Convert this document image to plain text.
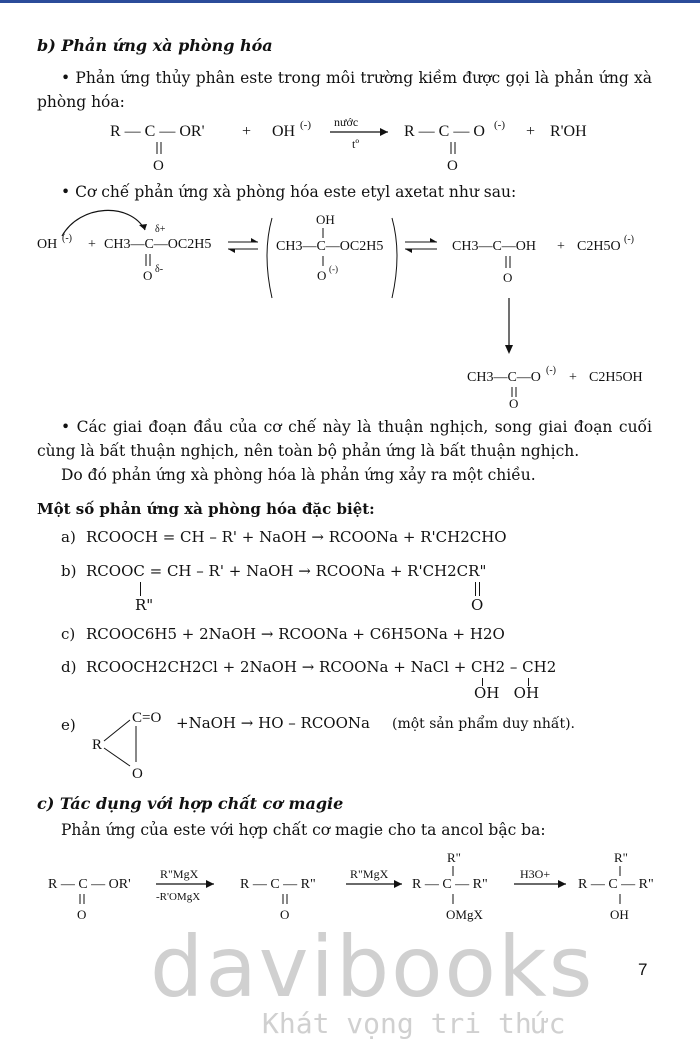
b) Phản ứng xà phòng hóa
• Phản ứng thủy phân este trong môi trường kiềm được gọi là phản ứng xà phòng hóa:
R — C — OR'
O
+ OH (-) nước
tº
R — C — O (-)
O
+ R'OH
• Cơ chế phản ứng xà phòng hóa este etyl axetat như sau:
OH (-) + CH3—C—OC2H5
δ+
O δ-
OH
CH3—C—OC2H5
O (-)
CH3—C—OH
O
+ C2H5O (-)
CH3—C—O (-)
O
+ C2H5OH
• Các giai đoạn đầu của cơ chế này là thuận nghịch, song giai đoạn cuối cùng là bất thuận nghịch, nên toàn bộ phản ứng là bất thuận nghịch.
Do đó phản ứng xà phòng hóa là phản ứng xảy ra một chiều.
Một số phản ứng xà phòng hóa đặc biệt:
a) RCOOCH = CH – R' + NaOH → RCOONa + R'CH2CHO
b) RCOOC = CH – R' + NaOH → RCOONa + R'CH2CR"
R"	O
c) RCOOC6H5 + 2NaOH → RCOONa + C6H5ONa + H2O
d) RCOOCH2CH2Cl + 2NaOH → RCOONa + NaCl + CH2 – CH2
OH   OH
e)	C=O
R
O
+NaOH → HO – RCOONa (một sản phẩm duy nhất).
c) Tác dụng với hợp chất cơ magie
Phản ứng của este với hợp chất cơ magie cho ta ancol bậc ba:
R — C — OR'
O
R"MgX
-R'OMgX
R — C — R"
O
R"MgX
R"
R — C — R"
OMgX
H3O+
R"
R — C — R"
OH
davibooks
Khát vọng tri thức
7
